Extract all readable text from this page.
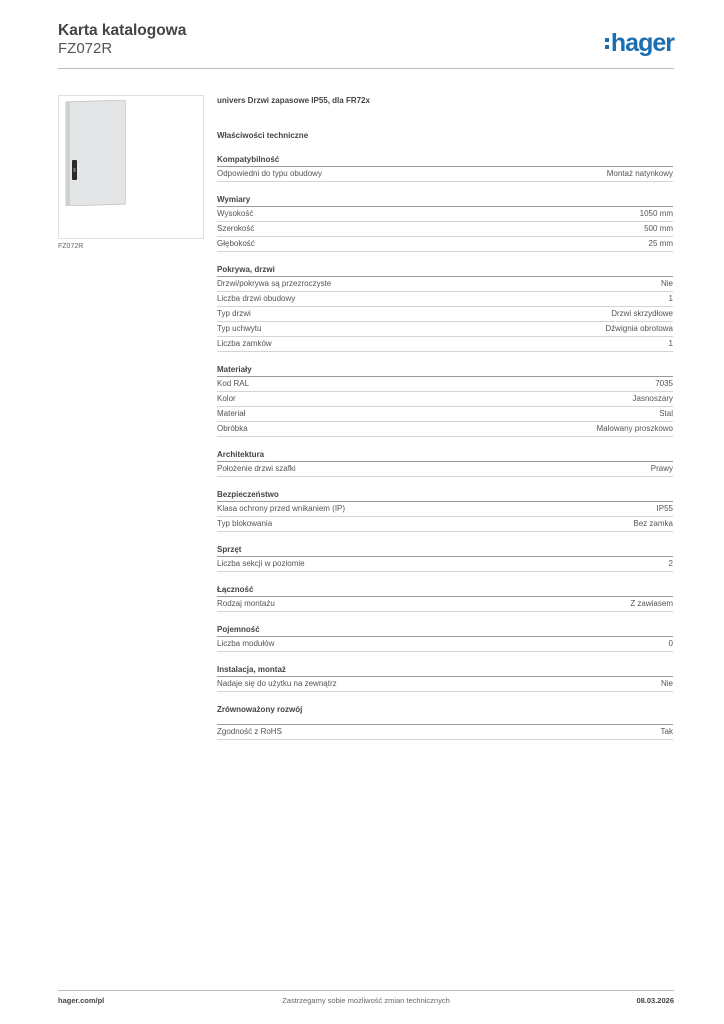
Karta katalogowa
FZ072R	hager
FZ072R
univers Drzwi zapasowe IP55, dla FR72x
Właściwości techniczne
Kompatybilność
Odpowiedni do typu obudowy	Montaż natynkowy
Wymiary
Wysokość	1050 mm
Szerokość	500 mm
Głębokość	25 mm
Pokrywa, drzwi
Drzwi/pokrywa są przezroczyste	Nie
Liczba drzwi obudowy	1
Typ drzwi	Drzwi skrzydłowe
Typ uchwytu	Dźwignia obrotowa
Liczba zamków	1
Materiały
Kod RAL	7035
Kolor	Jasnoszary
Materiał	Stal
Obróbka	Malowany proszkowo
Architektura
Położenie drzwi szafki	Prawy
Bezpieczeństwo
Klasa ochrony przed wnikaniem (IP)	IP55
Typ blokowania	Bez zamka
Sprzęt
Liczba sekcji w poziomie	2
Łączność
Rodzaj montażu	Z zawiasem
Pojemność
Liczba modułów	0
Instalacja, montaż
Nadaje się do użytku na zewnątrz	Nie
Zrównoważony rozwój
Zgodność z RoHS	Tak
hager.com/pl	Zastrzegamy sobie możliwość zmian technicznych	08.03.2026
